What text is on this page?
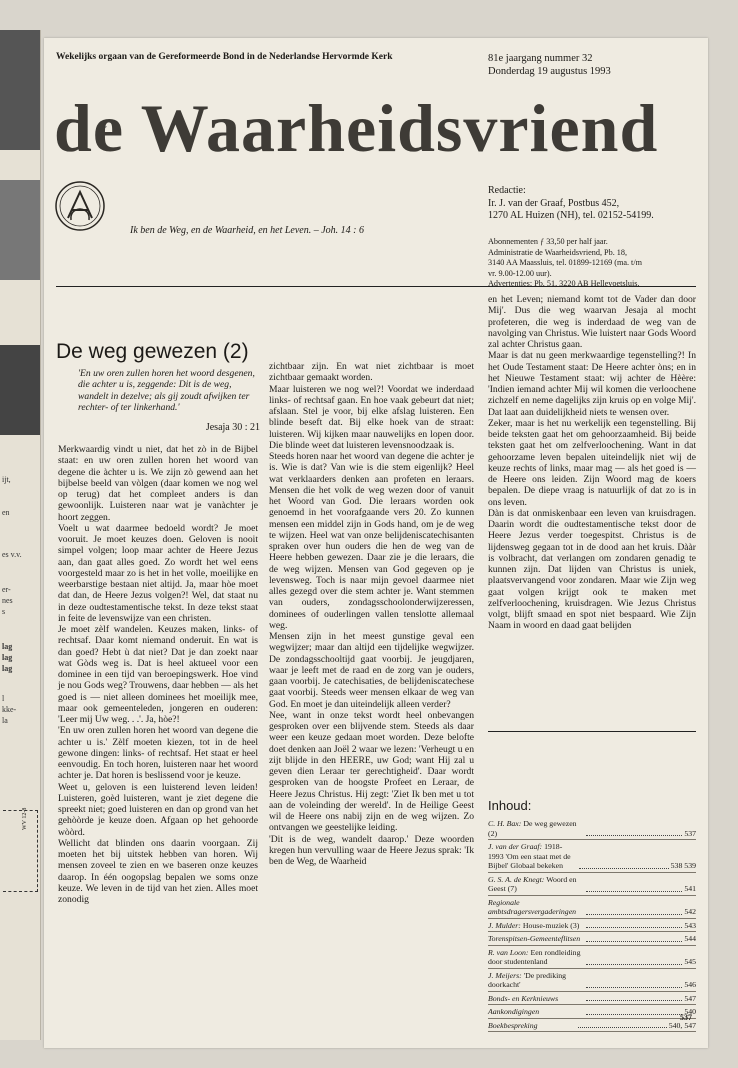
ijt,
en
es v.v.
er-
nes
s
lag
lag
lag
kke-
la
l
WV 12-8
Wekelijks orgaan van de Gereformeerde Bond in de Nederlandse Hervormde Kerk	81e jaargang nummer 32
Donderdag 19 augustus 1993
de Waarheidsvriend
Ik ben de Weg, en de Waarheid, en het Leven. – Joh. 14 : 6
Redactie:
Ir. J. van der Graaf, Postbus 452,
1270 AL Huizen (NH), tel. 02152-54199.
Abonnementen ƒ 33,50 per half jaar.
Administratie de Waarheidsvriend, Pb. 18,
3140 AA Maassluis, tel. 01899-12169 (ma. t/m
vr. 9.00-12.00 uur).
Advertenties: Pb. 51, 3220 AB Hellevoetsluis.
De weg gewezen (2)
'En uw oren zullen horen het woord desgenen, die achter u is, zeggende: Dit is de weg, wandelt in dezelve; als gij zoudt afwijken ter rechter- of ter linkerhand.'
Jesaja 30 : 21

Merkwaardig vindt u niet, dat het zò in de Bijbel staat: en uw oren zullen horen het woord van degene die àchter u is. We zijn zò gewend aan het bijbelse beeld van vòlgen (daar komen we nog wel op terug) dat het compleet anders is dan gewoonlijk. Luisteren naar wat je vanàchter je hoort zeggen.

Voelt u wat daarmee bedoeld wordt? Je moet vooruit. Je moet keuzes doen. Geloven is nooit simpel volgen; loop maar achter de Heere Jezus aan, dan gaat alles goed. Zo wordt het wel eens voorgesteld maar zo is het in het volle, moeilijke en weerbarstige bestaan niet altijd. Ja, maar hòe moet dat dan, de Heere Jezus volgen?! Wel, dat staat nu in deze oudtestamentische tekst. In deze tekst staat in feite de levenswijze van een christen.

Je moet zèlf wandelen. Keuzes maken, links- of rechtsaf. Daar komt niemand onderuit. En wat is dan goed? Hebt ù dat niet? Dat je dan zoekt naar wat Gòds weg is. Dat is heel aktueel voor een dominee in een tijd van beroepingswerk. Hoe vind je nou Gods weg? Trouwens, daar hebben — als het goed is — niet alleen dominees het moeilijk mee, maar ook gemeenteleden, jongeren en ouderen: 'Leer mij Uw weg. . .'. Ja, hòe?!

'En uw oren zullen horen het woord van degene die achter u is.' Zèlf moeten kiezen, tot in de heel gewone dingen: links- of rechtsaf. Het staat er heel eenvoudig. En toch horen, luisteren naar het woord achter je. Dat horen is beslissend voor je keuze.

Weet u, geloven is een luisterend leven leiden! Luisteren, goèd luisteren, want je zìet degene die spreekt niet; goed luisteren en dan op grond van het gehòòrde je keuze doen. Afgaan op het gehoorde wòòrd.

Wellicht dat blinden ons daarin voorgaan. Zij moeten het bij uitstek hebben van horen. Wij mensen zoveel te zien en we baseren onze keuzes daarop. In één oogopslag bepalen we soms onze keuze. We leven in de tijd van het zien. Alles moet zonodig

zichtbaar zijn. En wat niet zichtbaar is moet zichtbaar gemaakt worden.

Maar luisteren we nog wel?! Voordat we inderdaad links- of rechtsaf gaan. En hoe vaak gebeurt dat niet; afslaan. Stel je voor, bij elke afslag luisteren. Een blinde beseft dat. Bij elke hoek van de straat: luisteren. Wij kijken maar nauwelijks en lopen door. Die blinde weet dat luisteren levensnoodzaak is.

Steeds horen naar het woord van degene die achter je is. Wie is dat? Van wie is die stem eigenlijk? Heel wat verklaarders denken aan profeten en leraars. Mensen die het volk de weg wezen door of vanuit het Woord van God. Die leraars worden ook genoemd in het voorafgaande vers 20. Zo kunnen mensen een middel zijn in Gods hand, om je de weg te wijzen. Heel wat van onze belijdeniscatechisanten spraken over hun ouders die hen de weg van de Heere hebben gewezen. Daar zie je die leraars, die de weg wijzen. Mensen van God gegeven op je levensweg. Toch is naar mijn gevoel daarmee niet alles gezegd over die stem achter je. Want stemmen van ouders, zondagsschoolonderwijzeressen, dominees of ouderlingen vallen tenslotte allemaal weg.

Mensen zijn in het meest gunstige geval een wegwijzer; maar dan altijd een tijdelijke wegwijzer. De zondagsschooltijd gaat voorbij. Je jeugdjaren, waar je leeft met de raad en de zorg van je ouders, gaan voorbij. Je catechisaties, de belijdeniscatechese gaat voorbij. Steeds weer mensen elkaar de weg van God. En moet je dan uiteindelijk alleen verder?

Nee, want in onze tekst wordt heel onbevangen gesproken over een blijvende stem. Steeds als daar weer een keuze gedaan moet worden. Deze belofte doet denken aan Joël 2 waar we lezen: 'Verheugt u en zijt blijde in den HEERE, uw God; want Hij zal u geven dien Leraar ter gerechtigheid'. Daar wordt gesproken van de hoogste Profeet en Leraar, de Heere Jezus Christus. Hij zegt: 'Ziet Ik ben met u tot aan de voleinding der wereld'. In de Heilige Geest wil de Heere ons nabij zijn en de weg wijzen. Zo ontvangen we geestelijke leiding.

'Dit is de weg, wandelt daarop.' Deze woorden kregen hun vervulling waar de Heere Jezus sprak: 'Ik ben de Weg, de Waarheid

en het Leven; niemand komt tot de Vader dan door Mij'. Dus die weg waarvan Jesaja al mocht profeteren, die weg is inderdaad de weg van de navolging van Christus. Wie luistert naar Gods Woord zal achter Christus gaan.

Maar is dat nu geen merkwaardige tegenstelling?! In het Oude Testament staat: De Heere achter òns; en in het Nieuwe Testament staat: wij achter de Hèère: 'Indien iemand achter Mij wil komen die verloochene zichzelf en neme dagelijks zijn kruis op en volge Mij'. Dat laat aan duidelijkheid niets te wensen over.

Zeker, maar is het nu werkelijk een tegenstelling. Bij beide teksten gaat het om gehoorzaamheid. Bij beide teksten gaat het om zelfverloochening. Want in dat gehoorzame leven bepalen uiteindelijk niet wij de keuze rechts of links, maar mag — als het goed is — de Heere ons leiden. Zijn Woord mag de koers bepalen. De diepe vraag is natuurlijk of dat zo is in ons leven.

Dàn is dat onmiskenbaar een leven van kruisdragen. Daarin wordt die oudtestamentische tekst door de Heere Jezus verder toegespitst. Christus is de lijdensweg gegaan tot in de dood aan het kruis. Dààr is volbracht, dat verlangen om zondaren genadig te kunnen zijn. Dat lijden van Christus is uniek, plaatsvervangend voor zondaren. Maar wie Zijn weg gaat volgen krijgt ook te maken met zelfverloochening, kruisdragen. Wie Jezus Christus volgt, blijft smaad en spot niet bespaard. Wie Zijn Naam in woord en daad gaat belijden

Inhoud:
C. H. Bax: De weg gewezen (2)	537
J. van der Graaf: 1918-1993 'Om een staat met de Bijbel' Globaal bekeken	538 539
G. S. A. de Knegt: Woord en Geest (7)	541
Regionale ambtsdragersvergaderingen	542
J. Mulder: House-muziek (3)	543
Torenspitsen-Gemeenteflitsen	544
R. van Loon: Een rondleiding door studentenland	545
J. Meijers: 'De prediking doorkacht'	546
Bonds- en Kerknieuws	547
Aankondigingen	540
Boekbespreking	540, 547
537
